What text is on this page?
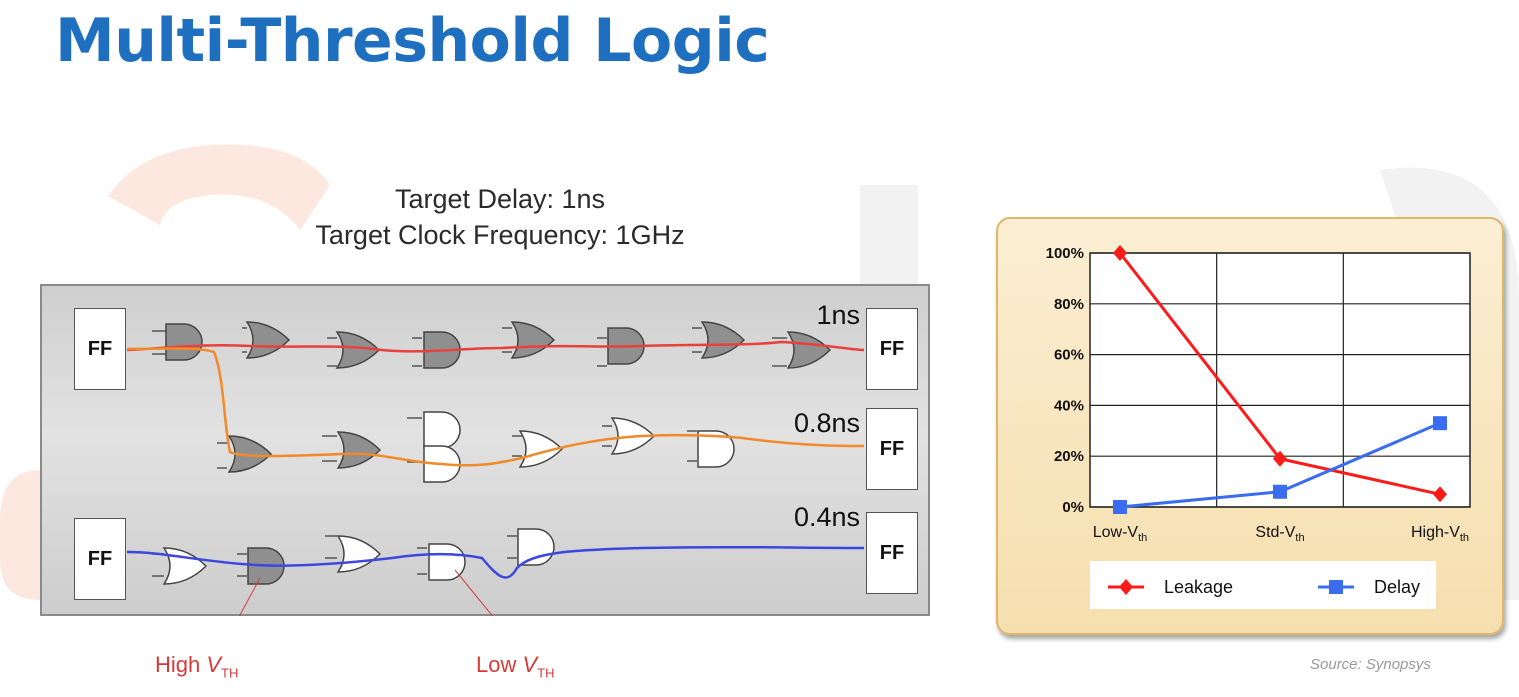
Multi-Threshold Logic
Target Delay: 1ns
Target Clock Frequency: 1GHz
FF	FF
FF
FF	FF
1ns
0.8ns
0.4ns
High $V_{TH}$	Low $V_{TH}$
100%
80%
60%
40%
20%
0%
Low-$V_{th}$	Std-$V_{th}$	High-$V_{th}$
Leakage	Delay
Source: Synopsys
